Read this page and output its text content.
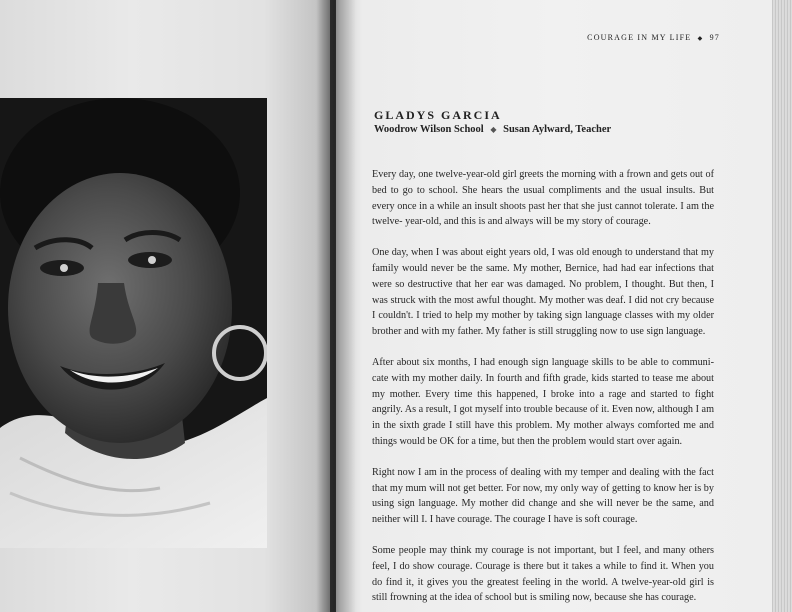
COURAGE IN MY LIFE ◆ 97
GLADYS GARCIA
Woodrow Wilson School ◆ Susan Aylward, Teacher

Every day, one twelve-year-old girl greets the morning with a frown and gets out of bed to go to school. She hears the usual compliments and the usual insults. But every once in a while an insult shoots past her that she just cannot tolerate. I am the twelve- year-old, and this is and always will be my story of courage.

One day, when I was about eight years old, I was old enough to understand that my family would never be the same. My mother, Bernice, had had ear infections that were so destructive that her ear was damaged. No problem, I thought. But then, I was struck with the most awful thought. My mother was deaf. I did not cry because I couldn't. I tried to help my mother by taking sign language classes with my older brother and with my father. My father is still struggling now to use sign language.

After about six months, I had enough sign language skills to be able to communi-cate with my mother daily. In fourth and fifth grade, kids started to tease me about my mother. Every time this happened, I broke into a rage and started to fight angrily. As a result, I got myself into trouble because of it. Even now, although I am in the sixth grade I still have this problem. My mother always comforted me and things would be OK for a time, but then the problem would start over again.

Right now I am in the process of dealing with my temper and dealing with the fact that my mum will not get better. For now, my only way of getting to know her is by using sign language. My mother did change and she will never be the same, and neither will I. I have courage. The courage I have is soft courage.

Some people may think my courage is not important, but I feel, and many others feel, I do show courage. Courage is there but it takes a while to find it. When you do find it, it gives you the greatest feeling in the world. A twelve-year-old girl is still frowning at the idea of school but is smiling now, because she has courage.
